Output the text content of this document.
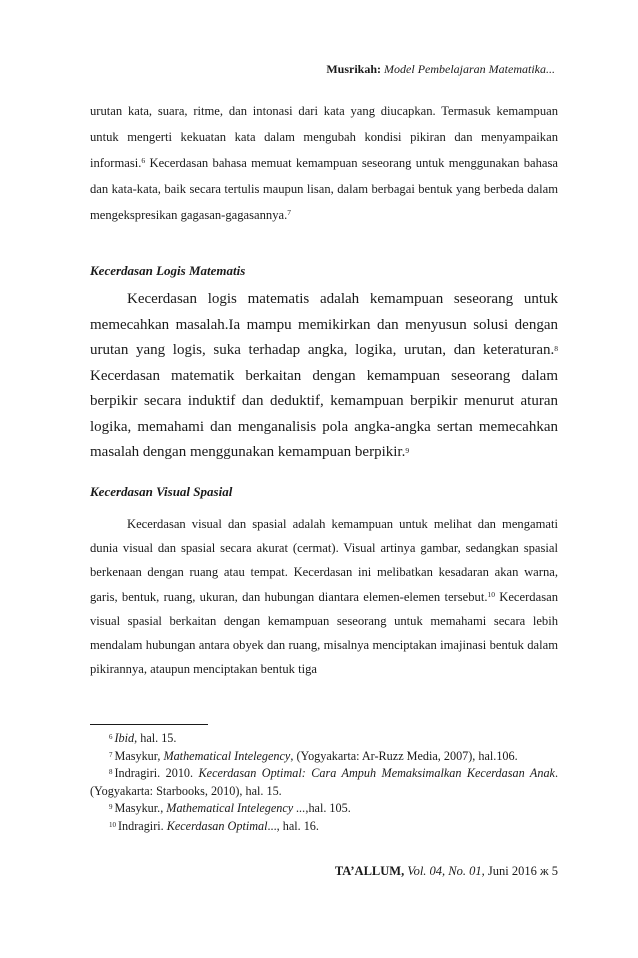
Musrikah: Model Pembelajaran Matematika...

urutan kata, suara, ritme, dan intonasi dari kata yang diucapkan. Termasuk kemampuan untuk mengerti kekuatan kata dalam mengubah kondisi pikiran dan menyampaikan informasi.$^6$ Kecerdasan bahasa memuat kemampuan seseorang untuk menggunakan bahasa dan kata-kata, baik secara tertulis maupun lisan, dalam berbagai bentuk yang berbeda dalam mengekspresikan gagasan-gagasannya.$^7$

Kecerdasan Logis Matematis

Kecerdasan logis matematis adalah kemampuan seseorang untuk memecahkan masalah.Ia mampu memikirkan dan menyusun solusi dengan urutan yang logis, suka terhadap angka, logika, urutan, dan keteraturan.$^8$ Kecerdasan matematik berkaitan dengan kemampuan seseorang dalam berpikir secara induktif dan deduktif, kemampuan berpikir menurut aturan logika, memahami dan menganalisis pola angka-angka sertan memecahkan masalah dengan menggunakan kemampuan berpikir.$^9$

Kecerdasan Visual Spasial

Kecerdasan visual dan spasial adalah kemampuan untuk melihat dan mengamati dunia visual dan spasial secara akurat (cermat). Visual artinya gambar, sedangkan spasial berkenaan dengan ruang atau tempat. Kecerdasan ini melibatkan kesadaran akan warna, garis, bentuk, ruang, ukuran, dan hubungan diantara elemen-elemen tersebut.$^{10}$ Kecerdasan visual spasial berkaitan dengan kemampuan seseorang untuk memahami secara lebih mendalam hubungan antara obyek dan ruang, misalnya menciptakan imajinasi bentuk dalam pikirannya, ataupun menciptakan bentuk tiga

$^6$ Ibid, hal. 15.

$^7$ Masykur, Mathematical Intelegency, (Yogyakarta: Ar-Ruzz Media, 2007), hal.106.

$^8$ Indragiri. 2010. Kecerdasan Optimal: Cara Ampuh Memaksimalkan Kecerdasan Anak. (Yogyakarta: Starbooks, 2010), hal. 15.

$^9$ Masykur., Mathematical Intelegency ...,hal. 105.

$^{10}$ Indragiri. Kecerdasan Optimal..., hal. 16.

TA’ALLUM, Vol. 04, No. 01, Juni 2016 ж 5
